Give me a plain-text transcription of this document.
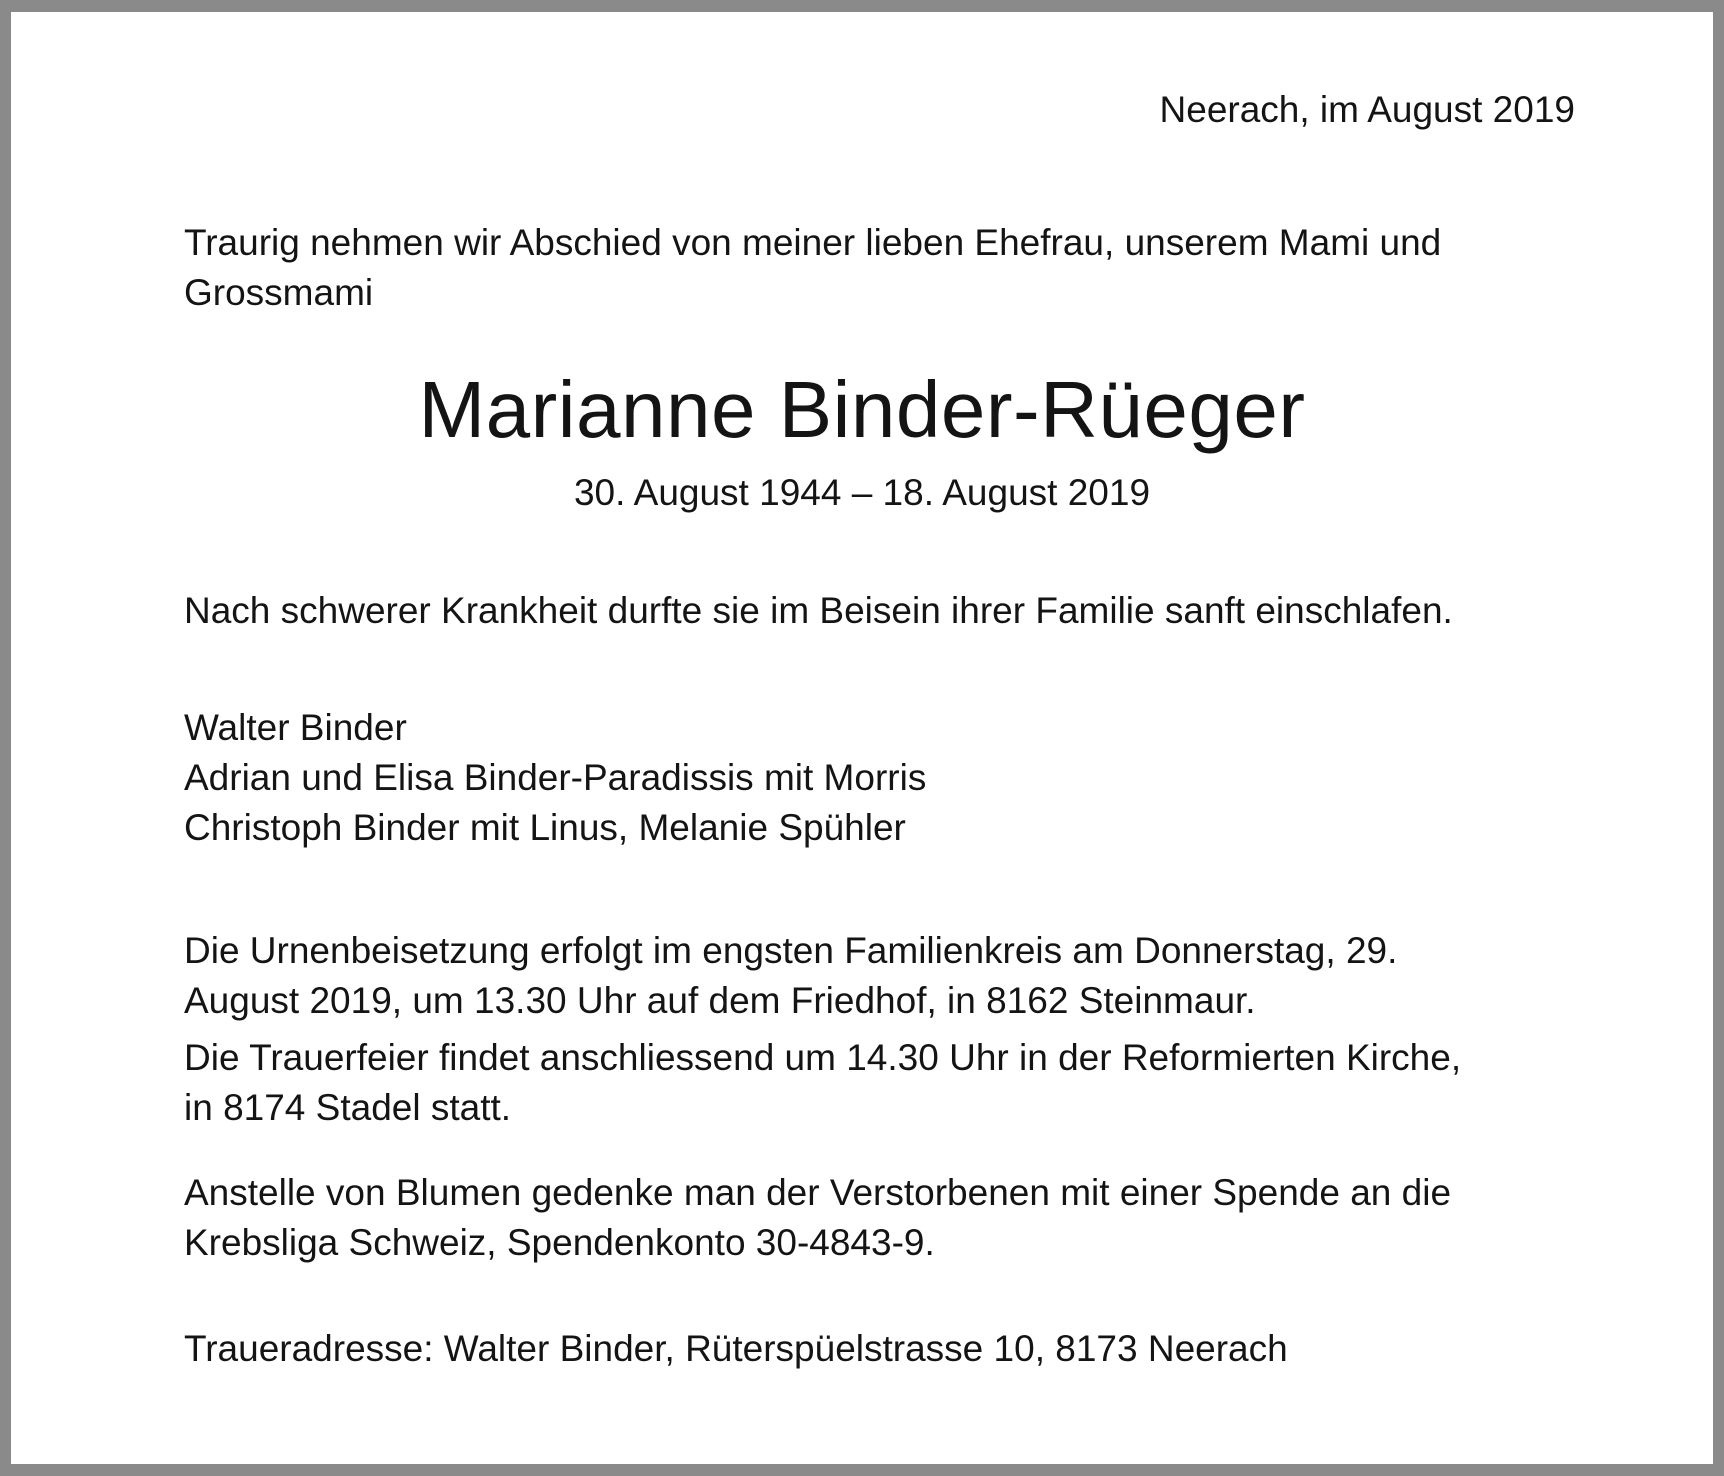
Neerach, im August 2019

Traurig nehmen wir Abschied von meiner lieben Ehefrau, unserem Mami und
Grossmami

Marianne Binder-Rüeger
30. August 1944 – 18. August 2019

Nach schwerer Krankheit durfte sie im Beisein ihrer Familie sanft einschlafen.

Walter Binder
Adrian und Elisa Binder-Paradissis mit Morris
Christoph Binder mit Linus, Melanie Spühler

Die Urnenbeisetzung erfolgt im engsten Familienkreis am Donnerstag, 29.
August 2019, um 13.30 Uhr auf dem Friedhof, in 8162 Steinmaur.

Die Trauerfeier findet anschliessend um 14.30 Uhr in der Reformierten Kirche,
in 8174 Stadel statt.

Anstelle von Blumen gedenke man der Verstorbenen mit einer Spende an die
Krebsliga Schweiz, Spendenkonto 30-4843-9.

Traueradresse: Walter Binder, Rüterspüelstrasse 10, 8173 Neerach
